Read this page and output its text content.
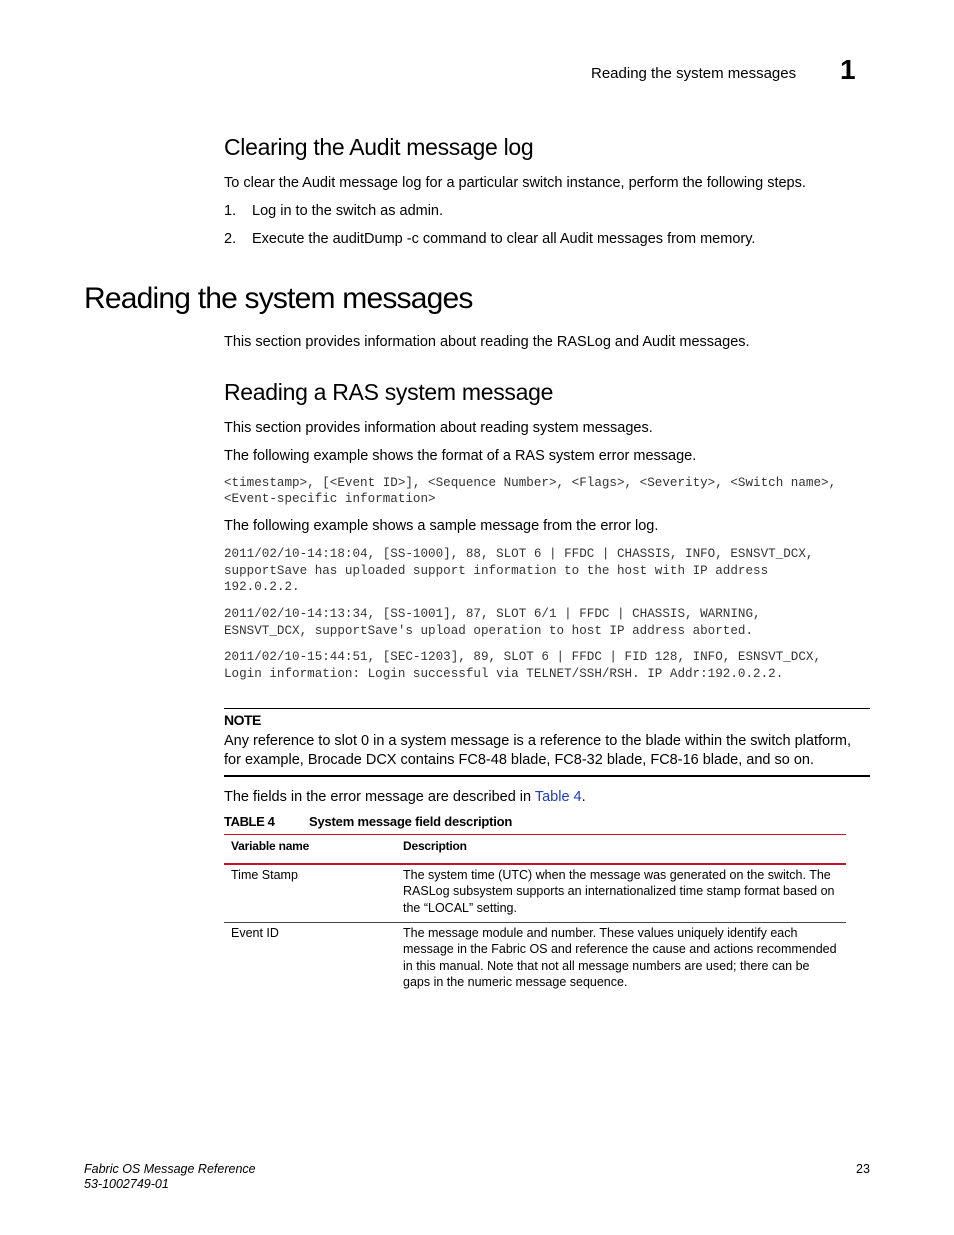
Reading the system messages 1
Clearing the Audit message log
To clear the Audit message log for a particular switch instance, perform the following steps.
1. Log in to the switch as admin.
2. Execute the auditDump -c command to clear all Audit messages from memory.
Reading the system messages
This section provides information about reading the RASLog and Audit messages.
Reading a RAS system message
This section provides information about reading system messages.
The following example shows the format of a RAS system error message.
<timestamp>, [<Event ID>], <Sequence Number>, <Flags>, <Severity>, <Switch name>,
<Event-specific information>
The following example shows a sample message from the error log.
2011/02/10-14:18:04, [SS-1000], 88, SLOT 6 | FFDC | CHASSIS, INFO, ESNSVT_DCX,
supportSave has uploaded support information to the host with IP address
192.0.2.2.
2011/02/10-14:13:34, [SS-1001], 87, SLOT 6/1 | FFDC | CHASSIS, WARNING,
ESNSVT_DCX, supportSave's upload operation to host IP address aborted.
2011/02/10-15:44:51, [SEC-1203], 89, SLOT 6 | FFDC | FID 128, INFO, ESNSVT_DCX,
Login information: Login successful via TELNET/SSH/RSH. IP Addr:192.0.2.2.
NOTE
Any reference to slot 0 in a system message is a reference to the blade within the switch platform,
for example, Brocade DCX contains FC8-48 blade, FC8-32 blade, FC8-16 blade, and so on.
The fields in the error message are described in Table 4.
TABLE 4	System message field description
Variable name	Description
Time Stamp	The system time (UTC) when the message was generated on the switch. The
RASLog subsystem supports an internationalized time stamp format based on
the “LOCAL” setting.
Event ID	The message module and number. These values uniquely identify each
message in the Fabric OS and reference the cause and actions recommended
in this manual. Note that not all message numbers are used; there can be
gaps in the numeric message sequence.
Fabric OS Message Reference
53-1002749-01
23
